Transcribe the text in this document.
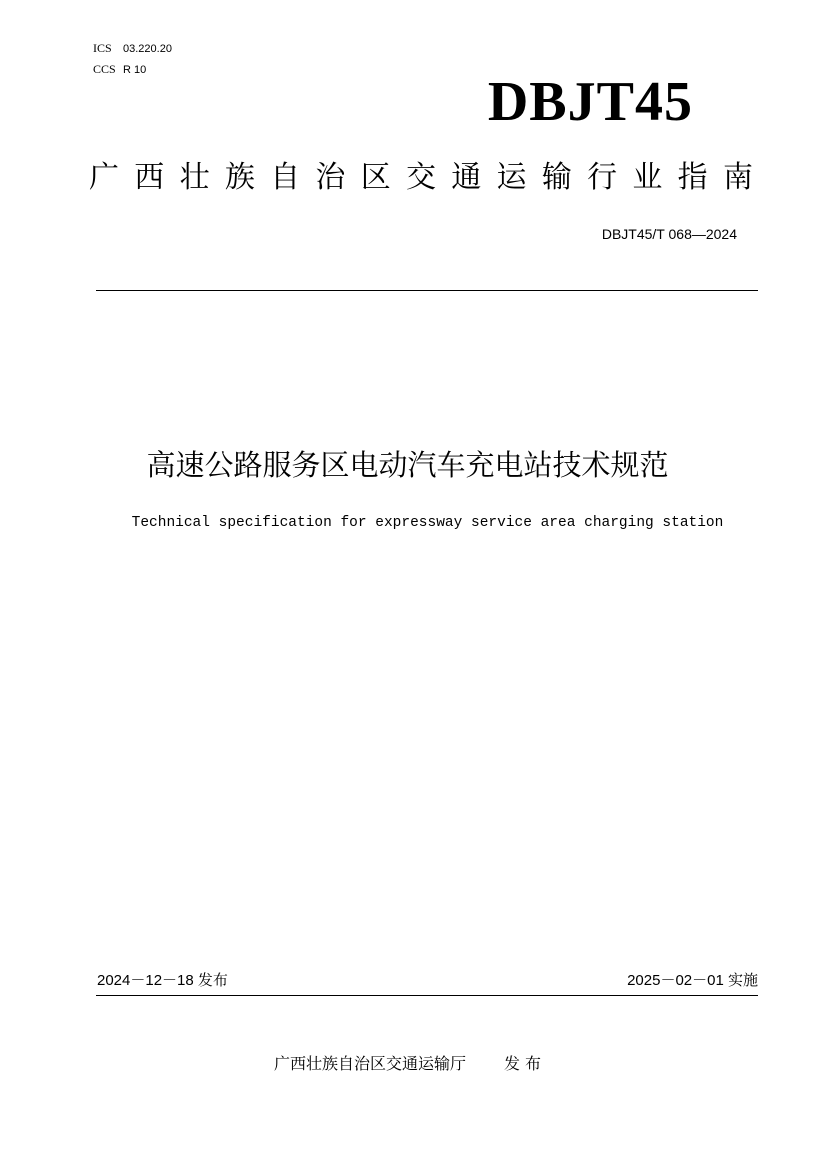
ICS 03.220.20
CCS R 10
DBJT45
广 西 壮 族 自 治 区 交 通 运 输 行 业 指 南
DBJT45/T 068—2024
高速公路服务区电动汽车充电站技术规范
Technical specification for expressway service area charging station
2024－12－18 发布	2025－02－01 实施
广西壮族自治区交通运输厅 发 布
